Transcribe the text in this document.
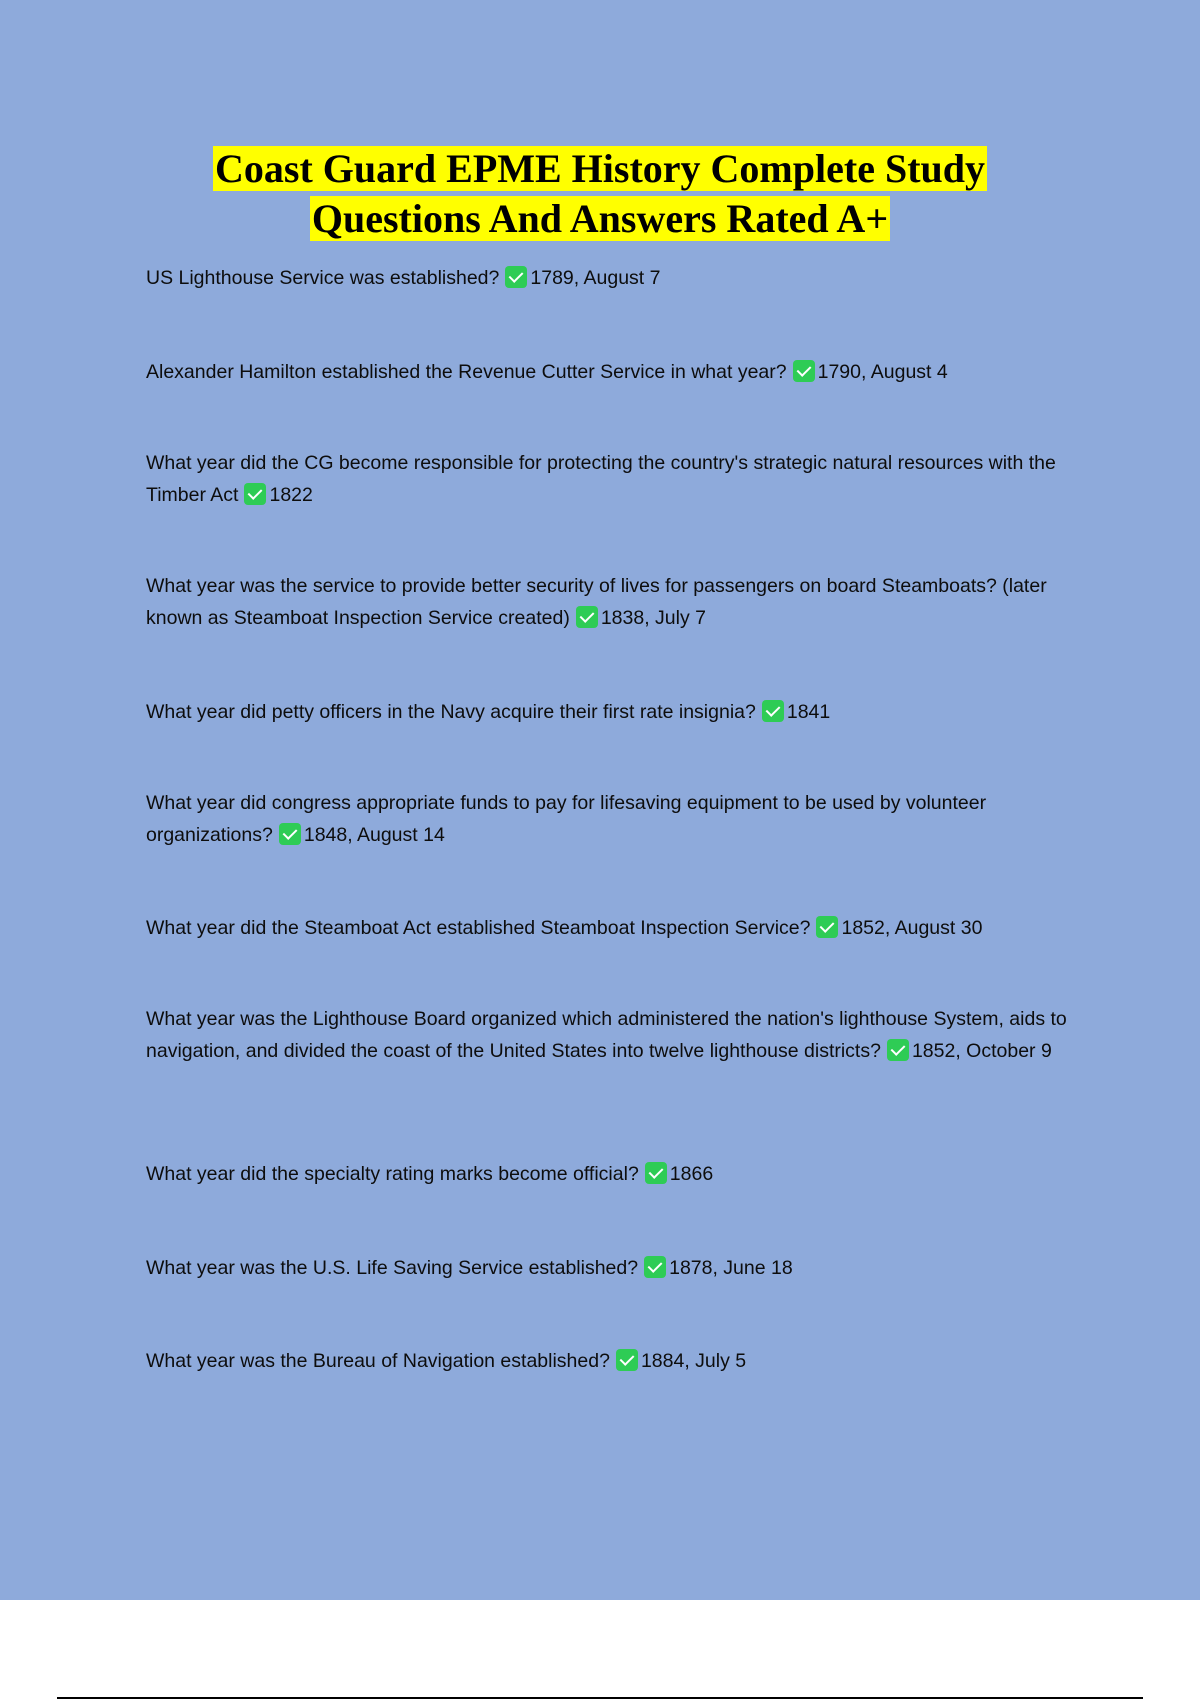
Coast Guard EPME History Complete Study
Questions And Answers Rated A+

US Lighthouse Service was established? 1789, August 7

Alexander Hamilton established the Revenue Cutter Service in what year? 1790, August 4

What year did the CG become responsible for protecting the country's strategic natural resources with the Timber Act 1822

What year was the service to provide better security of lives for passengers on board Steamboats? (later known as Steamboat Inspection Service created) 1838, July 7

What year did petty officers in the Navy acquire their first rate insignia? 1841

What year did congress appropriate funds to pay for lifesaving equipment to be used by volunteer organizations? 1848, August 14

What year did the Steamboat Act established Steamboat Inspection Service? 1852, August 30

What year was the Lighthouse Board organized which administered the nation's lighthouse System, aids to navigation, and divided the coast of the United States into twelve lighthouse districts? 1852, October 9

What year did the specialty rating marks become official? 1866

What year was the U.S. Life Saving Service established? 1878, June 18

What year was the Bureau of Navigation established? 1884, July 5
